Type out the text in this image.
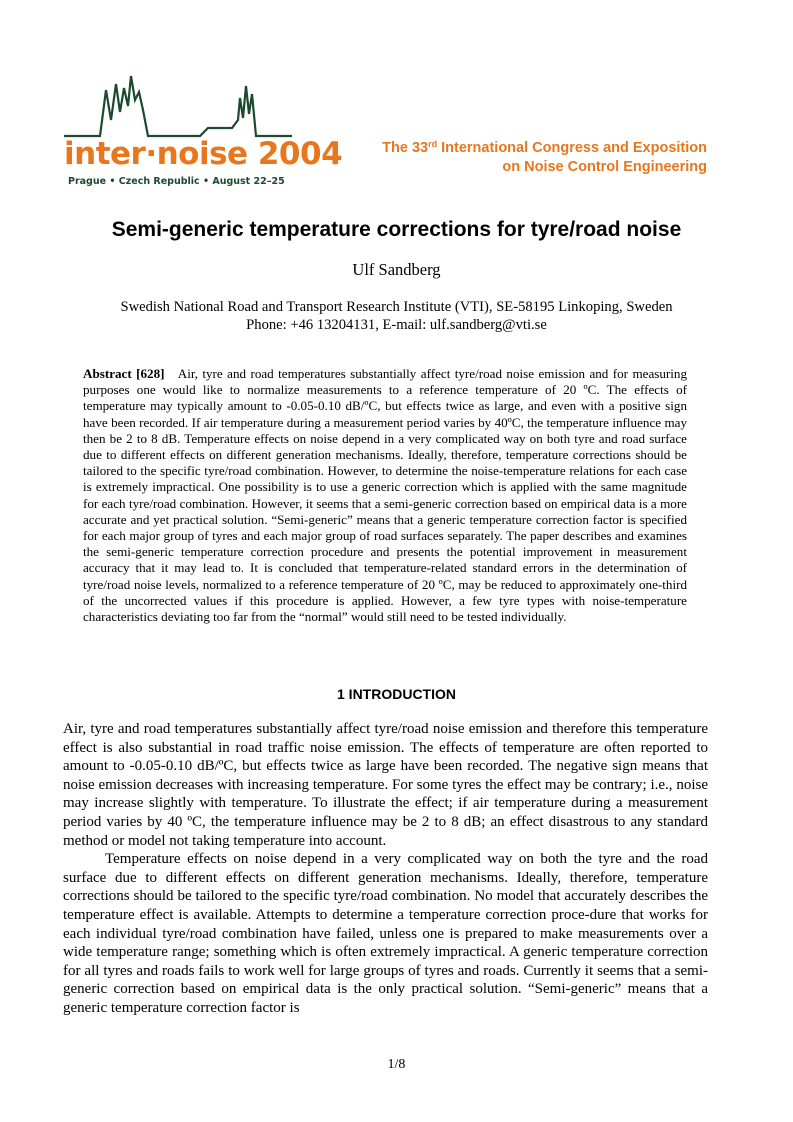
inter·noise 2004
Prague • Czech Republic • August 22–25
The 33rd International Congress and Exposition
on Noise Control Engineering
Semi-generic temperature corrections for tyre/road noise
Ulf Sandberg
Swedish National Road and Transport Research Institute (VTI), SE-58195 Linkoping, Sweden
Phone: +46 13204131, E-mail: ulf.sandberg@vti.se
Abstract [628] Air, tyre and road temperatures substantially affect tyre/road noise emission and for measuring purposes one would like to normalize measurements to a reference temperature of 20 ºC. The effects of temperature may typically amount to -0.05-0.10 dB/ºC, but effects twice as large, and even with a positive sign have been recorded. If air temperature during a measurement period varies by 40ºC, the temperature influence may then be 2 to 8 dB. Temperature effects on noise depend in a very complicated way on both tyre and road surface due to different effects on different generation mechanisms. Ideally, therefore, temperature corrections should be tailored to the specific tyre/road combination. However, to determine the noise-temperature relations for each case is extremely impractical. One possibility is to use a generic correction which is applied with the same magnitude for each tyre/road combination. However, it seems that a semi-generic correction based on empirical data is a more accurate and yet practical solution. “Semi-generic” means that a generic temperature correction factor is specified for each major group of tyres and each major group of road surfaces separately. The paper describes and examines the semi-generic temperature correction procedure and presents the potential improvement in measurement accuracy that it may lead to. It is concluded that temperature-related standard errors in the determination of tyre/road noise levels, normalized to a reference temperature of 20 ºC, may be reduced to approximately one-third of the uncorrected values if this procedure is applied. However, a few tyre types with noise-temperature characteristics deviating too far from the “normal” would still need to be tested individually.
1 INTRODUCTION

Air, tyre and road temperatures substantially affect tyre/road noise emission and therefore this temperature effect is also substantial in road traffic noise emission. The effects of temperature are often reported to amount to -0.05-0.10 dB/ºC, but effects twice as large have been recorded. The negative sign means that noise emission decreases with increasing temperature. For some tyres the effect may be contrary; i.e., noise may increase slightly with temperature. To illustrate the effect; if air temperature during a measurement period varies by 40 ºC, the temperature influence may be 2 to 8 dB; an effect disastrous to any standard method or model not taking temperature into account.

Temperature effects on noise depend in a very complicated way on both the tyre and the road surface due to different effects on different generation mechanisms. Ideally, therefore, temperature corrections should be tailored to the specific tyre/road combination. No model that accurately describes the temperature effect is available. Attempts to determine a temperature correction proce-dure that works for each individual tyre/road combination have failed, unless one is prepared to make measurements over a wide temperature range; something which is often extremely impractical. A generic temperature correction for all tyres and roads fails to work well for large groups of tyres and roads. Currently it seems that a semi-generic correction based on empirical data is the only practical solution. “Semi-generic” means that a generic temperature correction factor is

1/8
